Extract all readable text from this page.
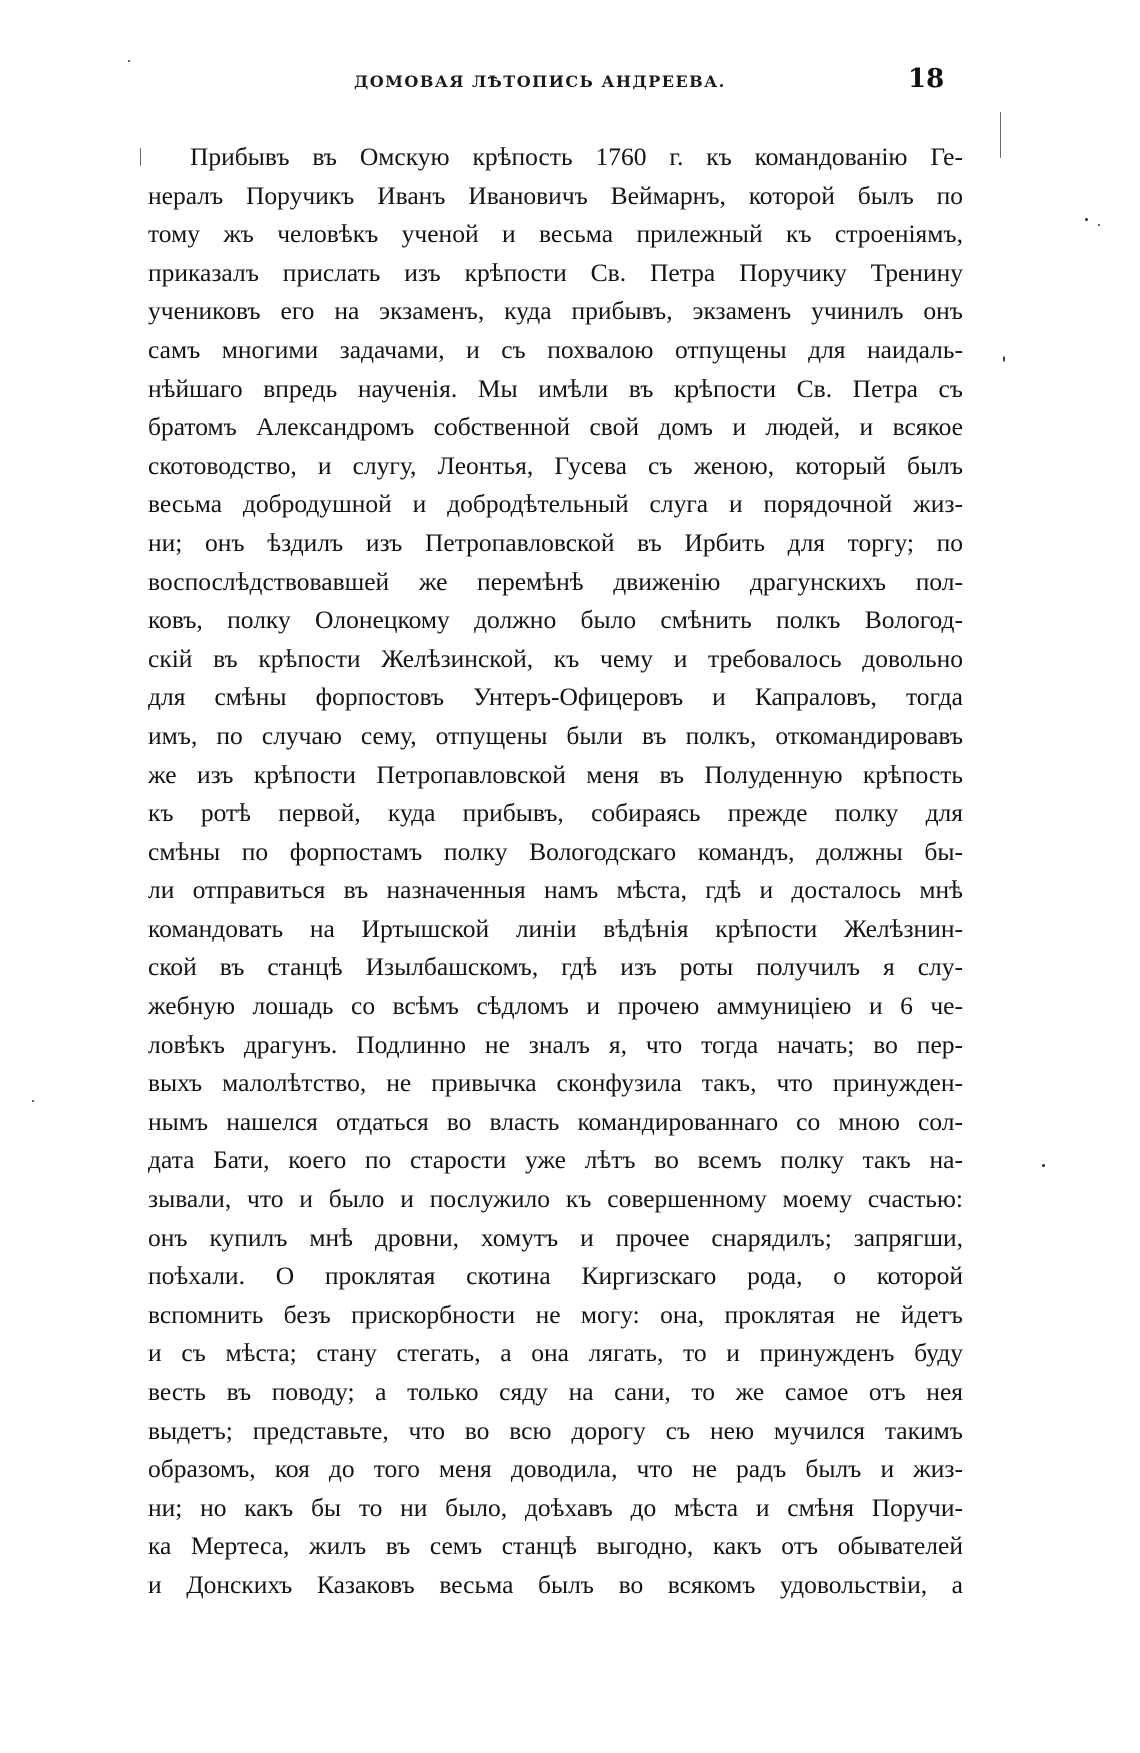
ДОМОВАЯ ЛѢТОПИСЬ АНДРЕЕВА.	18
Прибывъ въ Омскую крѣпость 1760 г. къ командованiю Ге-
нералъ Поручикъ Иванъ Ивановичъ Веймарнъ, которой былъ по
тому жъ человѣкъ ученой и весьма прилежный къ строенiямъ,
приказалъ прислать изъ крѣпости Св. Петра Поручику Тренину
учениковъ его на экзаменъ, куда прибывъ, экзаменъ учинилъ онъ
самъ многими задачами, и съ похвалою отпущены для наидаль-
нѣйшаго впредь наученiя. Мы имѣли въ крѣпости Св. Петра съ
братомъ Александромъ собственной свой домъ и людей, и всякое
скотоводство, и слугу, Леонтья, Гусева съ женою, который былъ
весьма добродушной и добродѣтельный слуга и порядочной жиз-
ни; онъ ѣздилъ изъ Петропавловской въ Ирбить для торгу; по
воспослѣдствовавшей же перемѣнѣ движенiю драгунскихъ пол-
ковъ, полку Олонецкому должно было смѣнить полкъ Вологод-
скiй въ крѣпости Желѣзинской, къ чему и требовалось довольно
для смѣны форпостовъ Унтеръ-Офицеровъ и Капраловъ, тогда
имъ, по случаю сему, отпущены были въ полкъ, откомандировавъ
же изъ крѣпости Петропавловской меня въ Полуденную крѣпость
къ ротѣ первой, куда прибывъ, собираясь прежде полку для
смѣны по форпостамъ полку Вологодскаго командъ, должны бы-
ли отправиться въ назначенныя намъ мѣста, гдѣ и досталось мнѣ
командовать на Иртышской линiи вѣдѣнiя крѣпости Желѣзнин-
ской въ станцѣ Изылбашскомъ, гдѣ изъ роты получилъ я слу-
жебную лошадь со всѣмъ сѣдломъ и прочею аммуницiею и 6 че-
ловѣкъ драгунъ. Подлинно не зналъ я, что тогда начать; во пер-
выхъ малолѣтство, не привычка сконфузила такъ, что принужден-
нымъ нашелся отдаться во власть командированнаго со мною сол-
дата Бати, коего по старости уже лѣтъ во всемъ полку такъ на-
зывали, что и было и послужило къ совершенному моему счастью:
онъ купилъ мнѣ дровни, хомутъ и прочее снарядилъ; запрягши,
поѣхали. О проклятая скотина Киргизскаго рода, о которой
вспомнить безъ прискорбности не могу: она, проклятая не йдетъ
и съ мѣста; стану стегать, а она лягать, то и принужденъ буду
весть въ поводу; а только сяду на сани, то же самое отъ нея
выдетъ; представьте, что во всю дорогу съ нею мучился такимъ
образомъ, коя до того меня доводила, что не радъ былъ и жиз-
ни; но какъ бы то ни было, доѣхавъ до мѣста и смѣня Поручи-
ка Мертеса, жилъ въ семъ станцѣ выгодно, какъ отъ обывателей
и Донскихъ Казаковъ весьма былъ во всякомъ удовольствiи, а
